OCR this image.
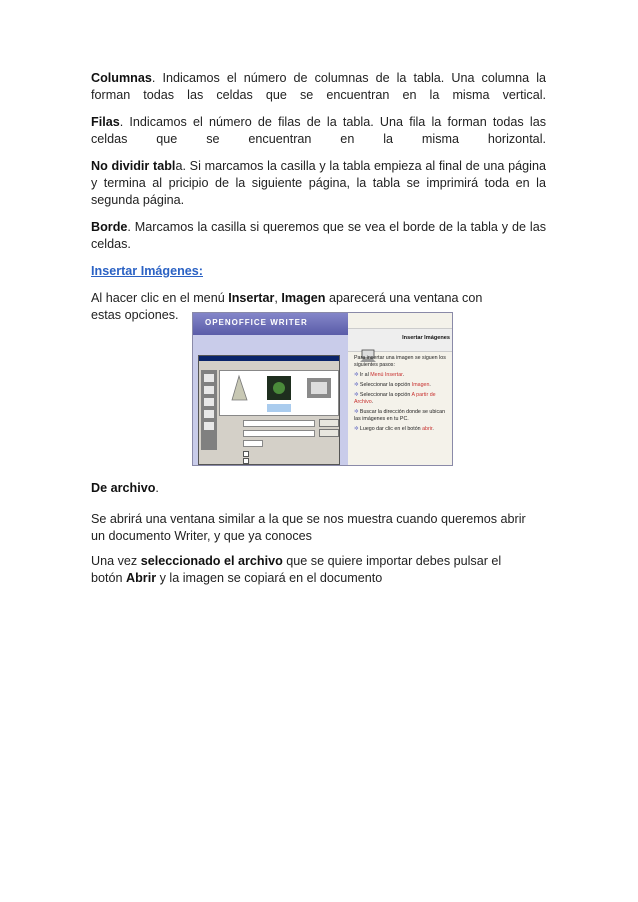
Columnas. Indicamos el número de columnas de la tabla. Una columna la forman todas las celdas que se encuentran en la misma vertical.

Filas. Indicamos el número de filas de la tabla. Una fila la forman todas las celdas que se encuentran en la misma horizontal.

No dividir tabla. Si marcamos la casilla y la tabla empieza al final de una página y termina al pricipio de la siguiente página, la tabla se imprimirá toda en la segunda página.

Borde. Marcamos la casilla si queremos que se vea el borde de la tabla y de las celdas.

Insertar Imágenes:

Al hacer clic en el menú Insertar, Imagen aparecerá una ventana con estas opciones.

OPENOFFICE WRITER
Insertar Imágenes

Para insertar una imagen se siguen los siguientes pasos:

✲ Ir al Menú Insertar.

✲ Seleccionar la opción Imagen.

✲ Seleccionar la opción A partir de Archivo.

✲ Buscar la dirección donde se ubican las imágenes en tu PC.

✲ Luego dar clic en el botón abrir.

De archivo.
Se abrirá una ventana similar a la que se nos muestra cuando queremos abrir un documento Writer, y que ya conoces
Una vez seleccionado el archivo que se quiere importar debes pulsar el botón Abrir y la imagen se copiará en el documento
